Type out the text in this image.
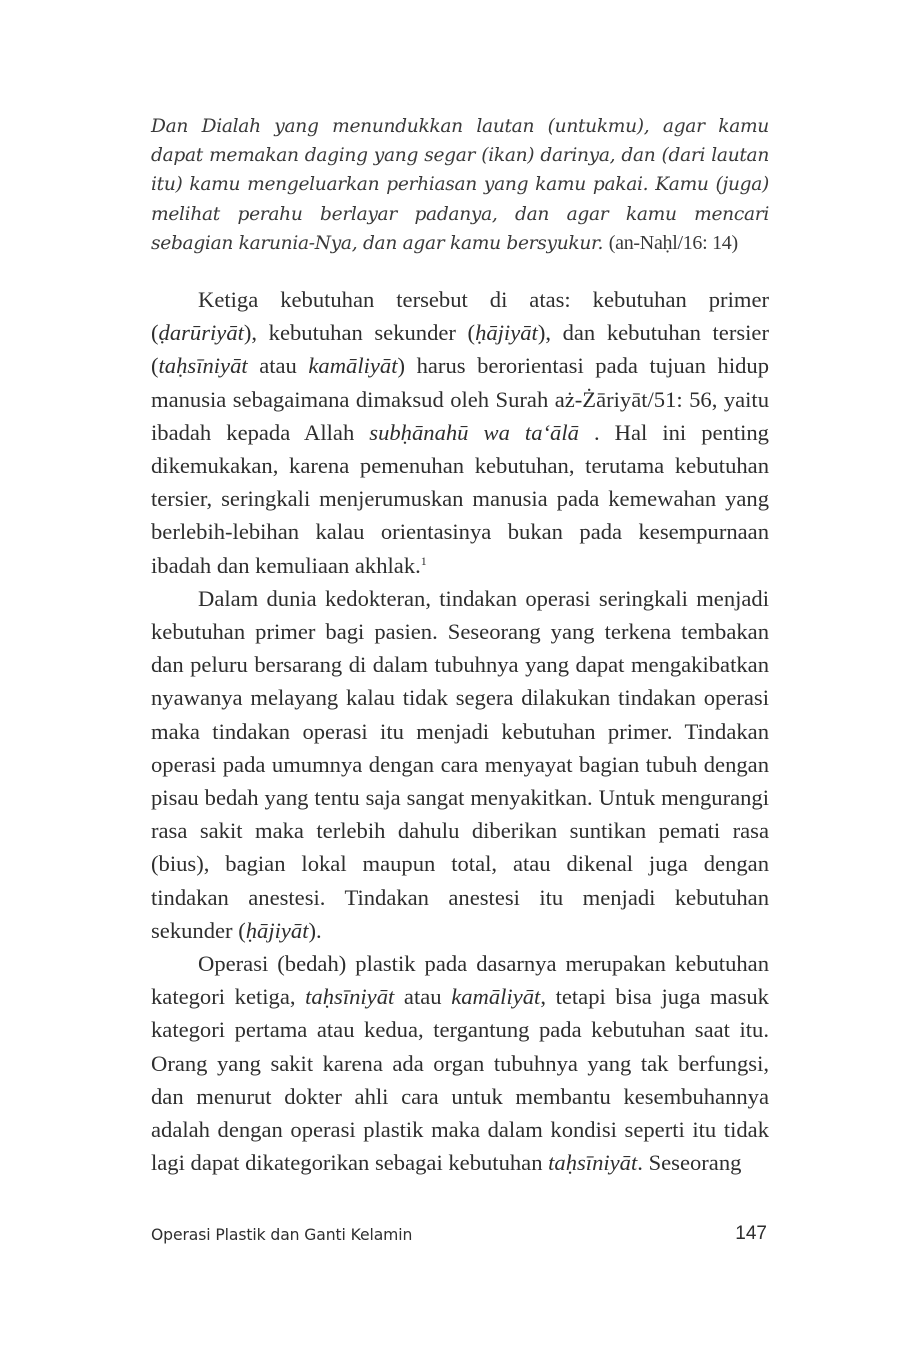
Dan Dialah yang menundukkan lautan (untukmu), agar kamu dapat memakan daging yang segar (ikan) darinya, dan (dari lautan itu) kamu mengeluarkan perhiasan yang kamu pakai. Kamu (juga) melihat perahu berlayar padanya, dan agar kamu mencari sebagian karunia-Nya, dan agar kamu bersyukur. (an-Naḥl/16: 14)

Ketiga kebutuhan tersebut di atas: kebutuhan primer (ḍarūriyāt), kebutuhan sekunder (ḥājiyāt), dan kebutuhan tersier (taḥsīniyāt atau kamāliyāt) harus berorientasi pada tujuan hidup manusia sebagaimana dimaksud oleh Surah aż-Żāriyāt/51: 56, yaitu ibadah kepada Allah subḥānahū wa ta‘ālā . Hal ini penting dikemukakan, karena pemenuhan kebutuhan, terutama kebutuhan tersier, seringkali menjerumuskan manusia pada kemewahan yang berlebih-lebihan kalau orientasinya bukan pada kesempurnaan ibadah dan kemuliaan akhlak.$^1$

Dalam dunia kedokteran, tindakan operasi seringkali menjadi kebutuhan primer bagi pasien. Seseorang yang terkena tembakan dan peluru bersarang di dalam tubuhnya yang dapat mengakibatkan nyawanya melayang kalau tidak segera dilakukan tindakan operasi maka tindakan operasi itu menjadi kebutuhan primer. Tindakan operasi pada umumnya dengan cara menyayat bagian tubuh dengan pisau bedah yang tentu saja sangat menyakitkan. Untuk mengurangi rasa sakit maka terlebih dahulu diberikan suntikan pemati rasa (bius), bagian lokal maupun total, atau dikenal juga dengan tindakan anestesi. Tindakan anestesi itu menjadi kebutuhan sekunder (ḥājiyāt).

Operasi (bedah) plastik pada dasarnya merupakan kebutuhan kategori ketiga, taḥsīniyāt atau kamāliyāt, tetapi bisa juga masuk kategori pertama atau kedua, tergantung pada kebutuhan saat itu. Orang yang sakit karena ada organ tubuhnya yang tak berfungsi, dan menurut dokter ahli cara untuk membantu kesembuhannya adalah dengan operasi plastik maka dalam kondisi seperti itu tidak lagi dapat dikategorikan sebagai kebutuhan taḥsīniyāt. Seseorang

Operasi Plastik dan Ganti Kelamin	147
